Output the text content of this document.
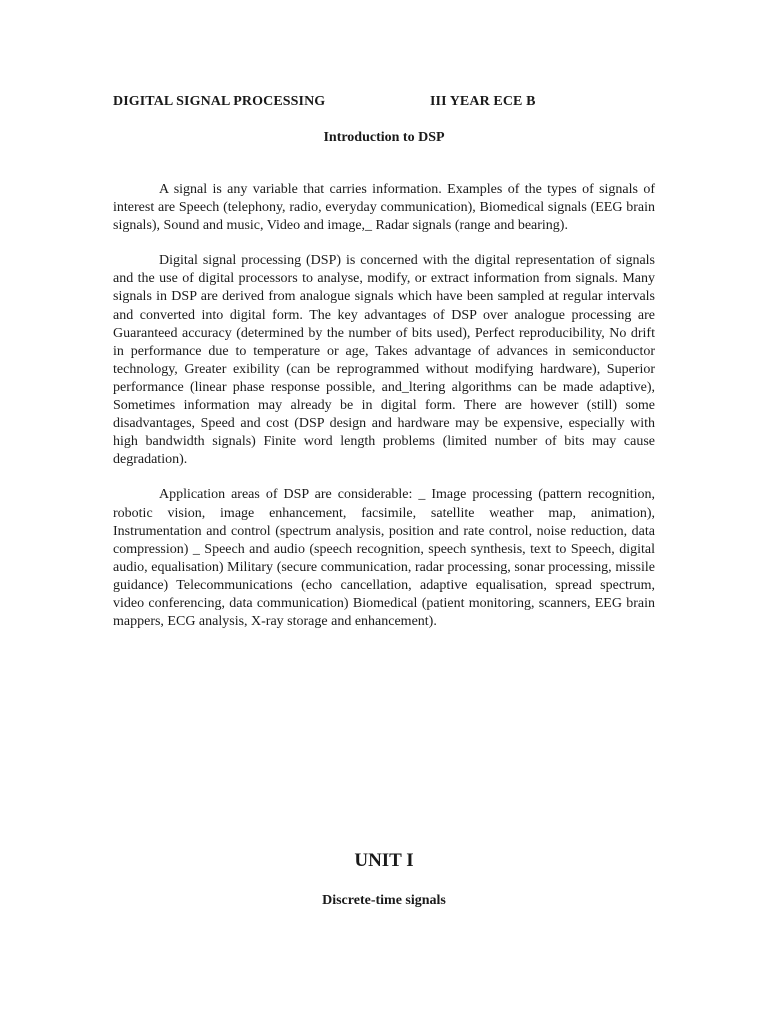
DIGITAL SIGNAL PROCESSING	III YEAR ECE B
Introduction to DSP

A signal is any variable that carries information. Examples of the types of signals of interest are Speech (telephony, radio, everyday communication), Biomedical signals (EEG brain signals), Sound and music, Video and image,_ Radar signals (range and bearing).

Digital signal processing (DSP) is concerned with the digital representation of signals and the use of digital processors to analyse, modify, or extract information from signals. Many signals in DSP are derived from analogue signals which have been sampled at regular intervals and converted into digital form. The key advantages of DSP over analogue processing are Guaranteed accuracy (determined by the number of bits used), Perfect reproducibility, No drift in performance due to temperature or age, Takes advantage of advances in semiconductor technology, Greater exibility (can be reprogrammed without modifying hardware), Superior performance (linear phase response possible, and_ltering algorithms can be made adaptive), Sometimes information may already be in digital form. There are however (still) some disadvantages, Speed and cost (DSP design and hardware may be expensive, especially with high bandwidth signals) Finite word length problems (limited number of bits may cause degradation).

Application areas of DSP are considerable: _ Image processing (pattern recognition, robotic vision, image enhancement, facsimile, satellite weather map, animation), Instrumentation and control (spectrum analysis, position and rate control, noise reduction, data compression) _ Speech and audio (speech recognition, speech synthesis, text to Speech, digital audio, equalisation) Military (secure communication, radar processing, sonar processing, missile guidance) Telecommunications (echo cancellation, adaptive equalisation, spread spectrum, video conferencing, data communication) Biomedical (patient monitoring, scanners, EEG brain mappers, ECG analysis, X-ray storage and enhancement).

UNIT I
Discrete-time signals
